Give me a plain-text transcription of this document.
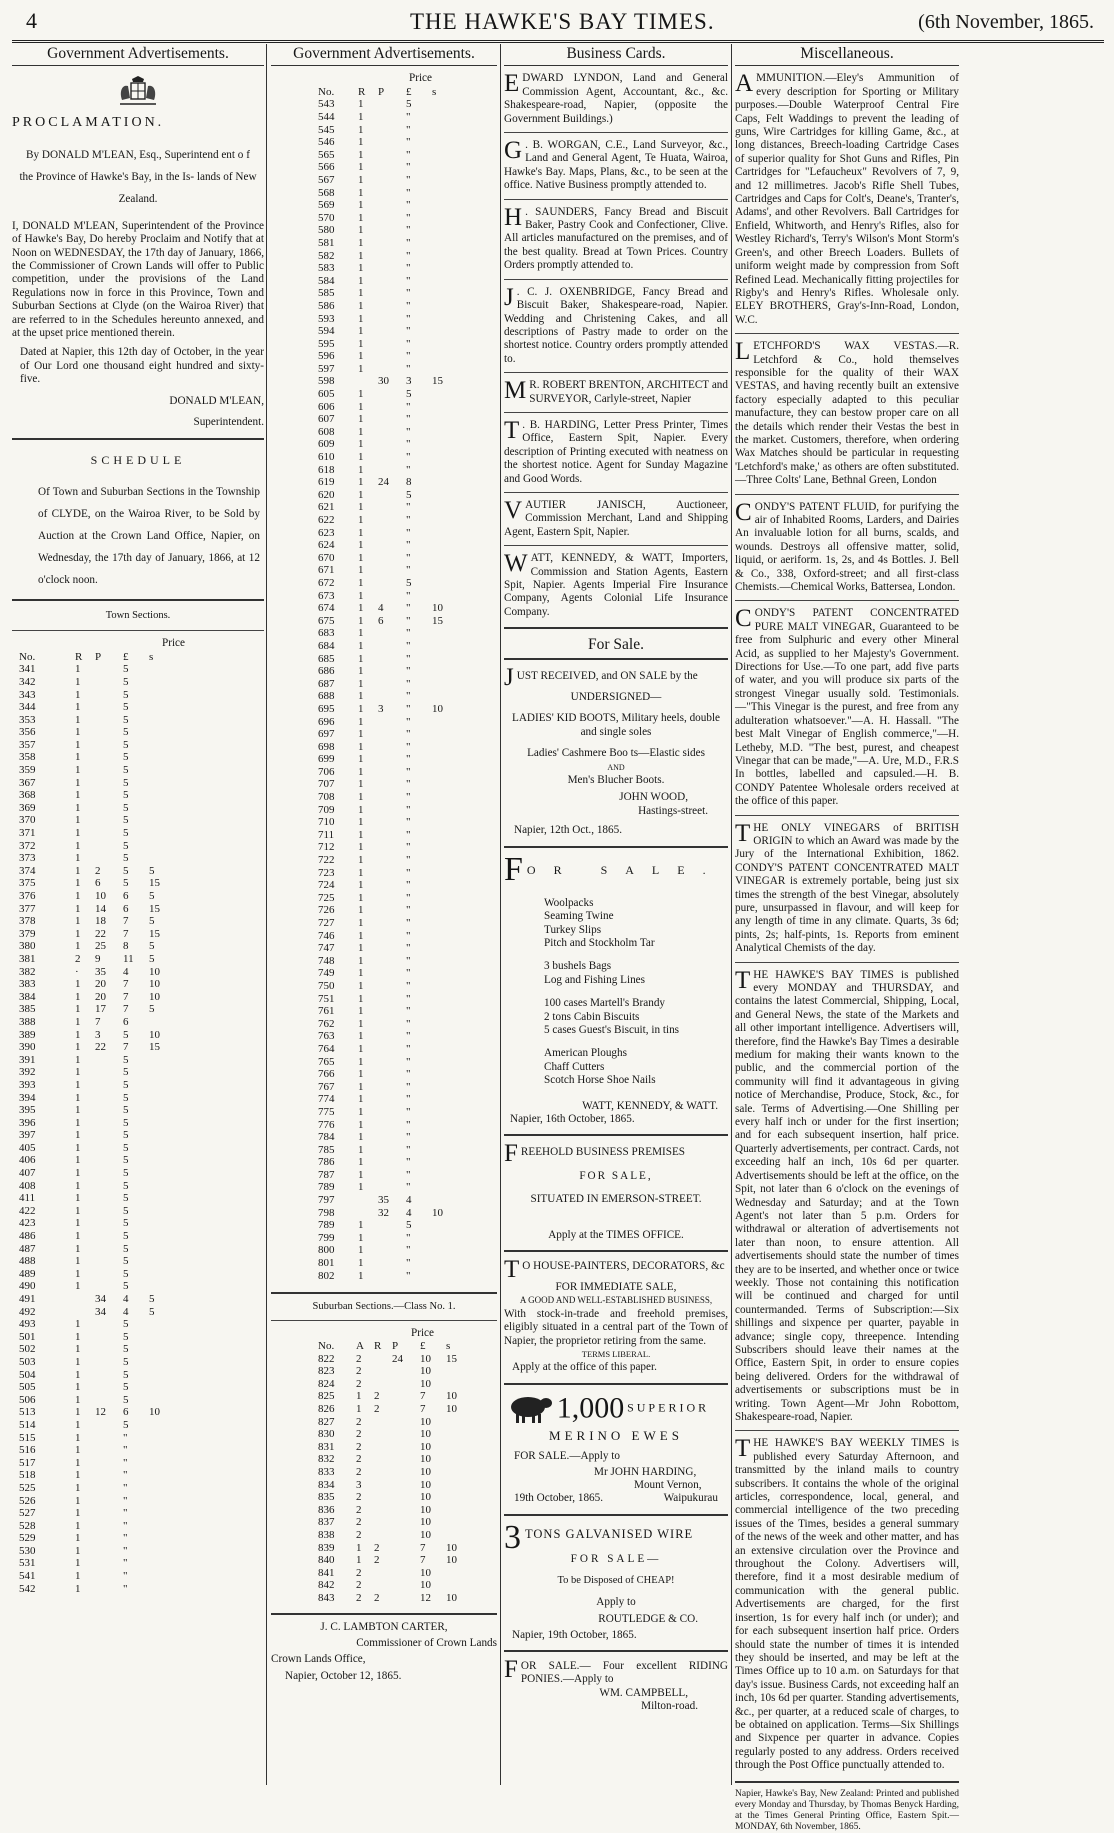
4	THE HAWKE'S BAY TIMES.	(6th November, 1865.
Government Advertisements.

PROCLAMATION.

By DONALD M'LEAN, Esq., Superintend ent o f the Province of Hawke's Bay, in the Is- lands of New Zealand.

I, DONALD M'LEAN, Superintendent of the Province of Hawke's Bay, Do hereby Proclaim and Notify that at Noon on WEDNESDAY, the 17th day of January, 1866, the Commissioner of Crown Lands will offer to Public competition, under the provisions of the Land Regulations now in force in this Province, Town and Suburban Sections at Clyde (on the Wairoa River) that are referred to in the Schedules hereunto annexed, and at the upset price mentioned therein.

Dated at Napier, this 12th day of October, in the year of Our Lord one thousand eight hundred and sixty-five.

DONALD M'LEAN,

Superintendent.

SCHEDULE

Of Town and Suburban Sections in the Township of CLYDE, on the Wairoa River, to be Sold by Auction at the Crown Land Office, Napier, on Wednesday, the 17th day of January, 1866, at 12 o'clock noon.

Town Sections.

Price
No.	R	P	£	s
341	1		5	
342	1		5	
343	1		5	
344	1		5	
353	1		5	
356	1		5	
357	1		5	
358	1		5	
359	1		5	
367	1		5	
368	1		5	
369	1		5	
370	1		5	
371	1		5	
372	1		5	
373	1		5	
374	1	2	5	5
375	1	6	5	15
376	1	10	6	5
377	1	14	6	15
378	1	18	7	5
379	1	22	7	15
380	1	25	8	5
381	2	9	11	5
382	·	35	4	10
383	1	20	7	10
384	1	20	7	10
385	1	17	7	5
388	1	7	6	
389	1	3	5	10
390	1	22	7	15
391	1		5	
392	1		5	
393	1		5	
394	1		5	
395	1		5	
396	1		5	
397	1		5	
405	1		5	
406	1		5	
407	1		5	
408	1		5	
411	1		5	
422	1		5	
423	1		5	
486	1		5	
487	1		5	
488	1		5	
489	1		5	
490	1		5	
491		34	4	5
492		34	4	5
493	1		5	
501	1		5	
502	1		5	
503	1		5	
504	1		5	
505	1		5	
506	1		5	
513	1	12	6	10
514	1		5	
515	1		"	
516	1		"	
517	1		"	
518	1		"	
525	1		"	
526	1		"	
527	1		"	
528	1		"	
529	1		"	
530	1		"	
531	1		"	
541	1		"	
542	1		"	
Government Advertisements.
Price
No.	R	P	£	s
543	1		5	
544	1		"	
545	1		"	
546	1		"	
565	1		"	
566	1		"	
567	1		"	
568	1		"	
569	1		"	
570	1		"	
580	1		"	
581	1		"	
582	1		"	
583	1		"	
584	1		"	
585	1		"	
586	1		"	
593	1		"	
594	1		"	
595	1		"	
596	1		"	
597	1		"	
598		30	3	15
605	1		5	
606	1		"	
607	1		"	
608	1		"	
609	1		"	
610	1		"	
618	1		"	
619	1	24	8	
620	1		5	
621	1		"	
622	1		"	
623	1		"	
624	1		"	
670	1		"	
671	1		"	
672	1		5	
673	1		"	
674	1	4	"	10
675	1	6	"	15
683	1		"	
684	1		"	
685	1		"	
686	1		"	
687	1		"	
688	1		"	
695	1	3	"	10
696	1		"	
697	1		"	
698	1		"	
699	1		"	
706	1		"	
707	1		"	
708	1		"	
709	1		"	
710	1		"	
711	1		"	
712	1		"	
722	1		"	
723	1		"	
724	1		"	
725	1		"	
726	1		"	
727	1		"	
746	1		"	
747	1		"	
748	1		"	
749	1		"	
750	1		"	
751	1		"	
761	1		"	
762	1		"	
763	1		"	
764	1		"	
765	1		"	
766	1		"	
767	1		"	
774	1		"	
775	1		"	
776	1		"	
784	1		"	
785	1		"	
786	1		"	
787	1		"	
789	1		"	
797		35	4	
798		32	4	10
789	1		5	
799	1		"	
800	1		"	
801	1		"	
802	1		"	

Suburban Sections.—Class No. 1.

Price
No.	A	R	P	£	s
822	2		24	10	15
823	2			10	
824	2			10	
825	1	2		7	10
826	1	2		7	10
827	2			10	
830	2			10	
831	2			10	
832	2			10	
833	2			10	
834	3			10	
835	2			10	
836	2			10	
837	2			10	
838	2			10	
839	1	2		7	10
840	1	2		7	10
841	2			10	
842	2			10	
843	2	2		12	10

J. C. LAMBTON CARTER,

Commissioner of Crown Lands

Crown Lands Office,

Napier, October 12, 1865.

Business Cards.
E DWARD LYNDON, Land and General Commission Agent, Accountant, &c., &c. Shakespeare-road, Napier, (opposite the Government Buildings.)

G . B. WORGAN, C.E., Land Surveyor, &c., Land and General Agent, Te Huata, Wairoa, Hawke's Bay. Maps, Plans, &c., to be seen at the office. Native Business promptly attended to.

H . SAUNDERS, Fancy Bread and Biscuit Baker, Pastry Cook and Confectioner, Clive. All articles manufactured on the premises, and of the best quality. Bread at Town Prices. Country Orders promptly attended to.

J . C. J. OXENBRIDGE, Fancy Bread and Biscuit Baker, Shakespeare-road, Napier. Wedding and Christening Cakes, and all descriptions of Pastry made to order on the shortest notice. Country orders promptly attended to.

M R. ROBERT BRENTON, ARCHITECT and SURVEYOR, Carlyle-street, Napier

T . B. HARDING, Letter Press Printer, Times Office, Eastern Spit, Napier. Every description of Printing executed with neatness on the shortest notice. Agent for Sunday Magazine and Good Words.

V AUTIER JANISCH, Auctioneer, Commission Merchant, Land and Shipping Agent, Eastern Spit, Napier.

W ATT, KENNEDY, & WATT, Importers, Commission and Station Agents, Eastern Spit, Napier. Agents Imperial Fire Insurance Company, Agents Colonial Life Insurance Company.

For Sale.
J UST RECEIVED, and ON SALE by the

UNDERSIGNED—

LADIES' KID BOOTS, Military heels, double and single soles

Ladies' Cashmere Boo ts—Elastic sides

AND

Men's Blucher Boots.

JOHN WOOD,

Hastings-street.

Napier, 12th Oct., 1865.

F OR SALE.

Woolpacks

Seaming Twine

Turkey Slips

Pitch and Stockholm Tar

3 bushels Bags

Log and Fishing Lines

100 cases Martell's Brandy

2 tons Cabin Biscuits

5 cases Guest's Biscuit, in tins

American Ploughs

Chaff Cutters

Scotch Horse Shoe Nails

WATT, KENNEDY, & WATT.

Napier, 16th October, 1865.

F REEHOLD BUSINESS PREMISES

FOR SALE,

SITUATED IN EMERSON-STREET.

Apply at the TIMES OFFICE.

T O HOUSE-PAINTERS, DECORATORS, &c

FOR IMMEDIATE SALE,

A GOOD AND WELL-ESTABLISHED BUSINESS,

With stock-in-trade and freehold premises, eligibly situated in a central part of the Town of Napier, the proprietor retiring from the same.

TERMS LIBERAL.

Apply at the office of this paper.

1,000 SUPERIOR

MERINO EWES

FOR SALE.—Apply to

Mr JOHN HARDING,

Mount Vernon,

19th October, 1865.	Waipukurau
3 TONS GALVANISED WIRE

FOR SALE—

To be Disposed of CHEAP!

Apply to

ROUTLEDGE & CO.

Napier, 19th October, 1865.

F OR SALE.— Four excellent RIDING PONIES.—Apply to

WM. CAMPBELL,

Milton-road.

Miscellaneous.
A MMUNITION.—Eley's Ammunition of every description for Sporting or Military purposes.—Double Waterproof Central Fire Caps, Felt Waddings to prevent the leading of guns, Wire Cartridges for killing Game, &c., at long distances, Breech-loading Cartridge Cases of superior quality for Shot Guns and Rifles, Pin Cartridges for "Lefaucheux" Revolvers of 7, 9, and 12 millimetres. Jacob's Rifle Shell Tubes, Cartridges and Caps for Colt's, Deane's, Tranter's, Adams', and other Revolvers. Ball Cartridges for Enfield, Whitworth, and Henry's Rifles, also for Westley Richard's, Terry's Wilson's Mont Storm's Green's, and other Breech Loaders. Bullets of uniform weight made by compression from Soft Refined Lead. Mechanically fitting projectiles for Rigby's and Henry's Rifles. Wholesale only. ELEY BROTHERS, Gray's-Inn-Road, London, W.C.

L ETCHFORD'S WAX VESTAS.—R. Letchford & Co., hold themselves responsible for the quality of their WAX VESTAS, and having recently built an extensive factory especially adapted to this peculiar manufacture, they can bestow proper care on all the details which render their Vestas the best in the market. Customers, therefore, when ordering Wax Matches should be particular in requesting 'Letchford's make,' as others are often substituted.—Three Colts' Lane, Bethnal Green, London

C ONDY'S PATENT FLUID, for purifying the air of Inhabited Rooms, Larders, and Dairies An invaluable lotion for all burns, scalds, and wounds. Destroys all offensive matter, solid, liquid, or aeriform. 1s, 2s, and 4s Bottles. J. Bell & Co., 338, Oxford-street; and all first-class Chemists.—Chemical Works, Battersea, London.

C ONDY'S PATENT CONCENTRATED PURE MALT VINEGAR, Guaranteed to be free from Sulphuric and every other Mineral Acid, as supplied to her Majesty's Government. Directions for Use.—To one part, add five parts of water, and you will produce six parts of the strongest Vinegar usually sold. Testimonials.—"This Vinegar is the purest, and free from any adulteration whatsoever."—A. H. Hassall. "The best Malt Vinegar of English commerce,"—H. Letheby, M.D. "The best, purest, and cheapest Vinegar that can be made,"—A. Ure, M.D., F.R.S In bottles, labelled and capsuled.—H. B. CONDY Patentee Wholesale orders received at the office of this paper.

T HE ONLY VINEGARS of BRITISH ORIGIN to which an Award was made by the Jury of the International Exhibition, 1862. CONDY'S PATENT CONCENTRATED MALT VINEGAR is extremely portable, being just six times the strength of the best Vinegar, absolutely pure, unsurpassed in flavour, and will keep for any length of time in any climate. Quarts, 3s 6d; pints, 2s; half-pints, 1s. Reports from eminent Analytical Chemists of the day.

T HE HAWKE'S BAY TIMES is published every MONDAY and THURSDAY, and contains the latest Commercial, Shipping, Local, and General News, the state of the Markets and all other important intelligence. Advertisers will, therefore, find the Hawke's Bay Times a desirable medium for making their wants known to the public, and the commercial portion of the community will find it advantageous in giving notice of Merchandise, Produce, Stock, &c., for sale. Terms of Advertising.—One Shilling per every half inch or under for the first insertion; and for each subsequent insertion, half price. Quarterly advertisements, per contract. Cards, not exceeding half an inch, 10s 6d per quarter. Advertisements should be left at the office, on the Spit, not later than 6 o'clock on the evenings of Wednesday and Saturday; and at the Town Agent's not later than 5 p.m. Orders for withdrawal or alteration of advertisements not later than noon, to ensure attention. All advertisements should state the number of times they are to be inserted, and whether once or twice weekly. Those not containing this notification will be continued and charged for until countermanded. Terms of Subscription:—Six shillings and sixpence per quarter, payable in advance; single copy, threepence. Intending Subscribers should leave their names at the Office, Eastern Spit, in order to ensure copies being delivered. Orders for the withdrawal of advertisements or subscriptions must be in writing. Town Agent—Mr John Robottom, Shakespeare-road, Napier.

T HE HAWKE'S BAY WEEKLY TIMES is published every Saturday Afternoon, and transmitted by the inland mails to country subscribers. It contains the whole of the original articles, correspondence, local, general, and commercial intelligence of the two preceding issues of the Times, besides a general summary of the news of the week and other matter, and has an extensive circulation over the Province and throughout the Colony. Advertisers will, therefore, find it a most desirable medium of communication with the general public. Advertisements are charged, for the first insertion, 1s for every half inch (or under); and for each subsequent insertion half price. Orders should state the number of times it is intended they should be inserted, and may be left at the Times Office up to 10 a.m. on Saturdays for that day's issue. Business Cards, not exceeding half an inch, 10s 6d per quarter. Standing advertisements, &c., per quarter, at a reduced scale of charges, to be obtained on application. Terms—Six Shillings and Sixpence per quarter in advance. Copies regularly posted to any address. Orders received through the Post Office punctually attended to.

Napier, Hawke's Bay, New Zealand: Printed and published every Monday and Thursday, by Thomas Benyck Harding, at the Times General Printing Office, Eastern Spit.—MONDAY, 6th November, 1865.
